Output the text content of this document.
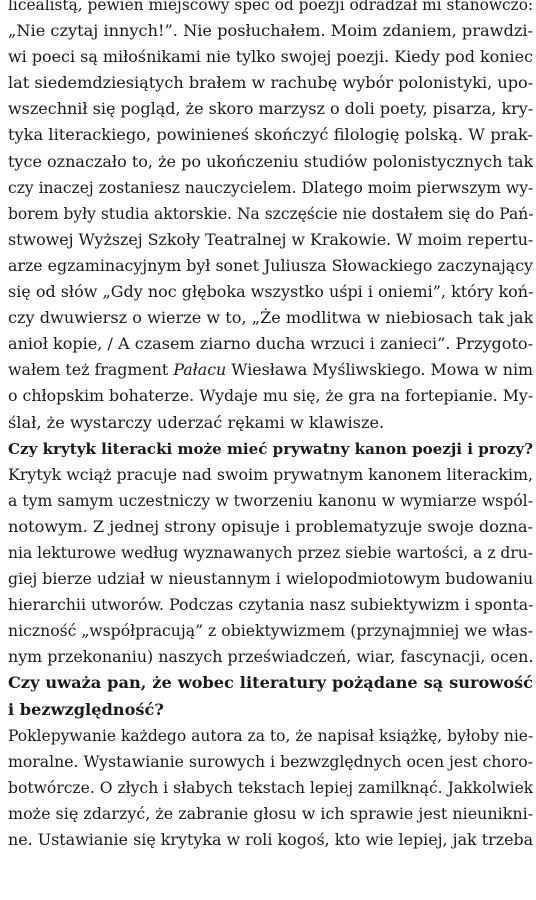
licealistą, pewien miejscowy spec od poezji odradzał mi stanowczo:
„Nie czytaj innych!”. Nie posłuchałem. Moim zdaniem, prawdzi-
wi poeci są miłośnikami nie tylko swojej poezji. Kiedy pod koniec
lat siedemdziesiątych brałem w rachubę wybór polonistyki, upo-
wszechnił się pogląd, że skoro marzysz o doli poety, pisarza, kry-
tyka literackiego, powinieneś skończyć filologię polską. W prak-
tyce oznaczało to, że po ukończeniu studiów polonistycznych tak
czy inaczej zostaniesz nauczycielem. Dlatego moim pierwszym wy-
borem były studia aktorskie. Na szczęście nie dostałem się do Pań-
stwowej Wyższej Szkoły Teatralnej w Krakowie. W moim repertu-
arze egzaminacyjnym był sonet Juliusza Słowackiego zaczynający
się od słów „Gdy noc głęboka wszystko uśpi i oniemi”, który koń-
czy dwuwiersz o wierze w to, „Że modlitwa w niebiosach tak jak
anioł kopie, / A czasem ziarno ducha wrzuci i zanieci”. Przygoto-
wałem też fragment Pałacu Wiesława Myśliwskiego. Mowa w nim
o chłopskim bohaterze. Wydaje mu się, że gra na fortepianie. My-
ślał, że wystarczy uderzać rękami w klawisze.
Czy krytyk literacki może mieć prywatny kanon poezji i prozy?
Krytyk wciąż pracuje nad swoim prywatnym kanonem literackim,
a tym samym uczestniczy w tworzeniu kanonu w wymiarze wspól-
notowym. Z jednej strony opisuje i problematyzuje swoje dozna-
nia lekturowe według wyznawanych przez siebie wartości, a z dru-
giej bierze udział w nieustannym i wielopodmiotowym budowaniu
hierarchii utworów. Podczas czytania nasz subiektywizm i sponta-
niczność „współpracują” z obiektywizmem (przynajmniej we włas-
nym przekonaniu) naszych przeświadczeń, wiar, fascynacji, ocen.
Czy uważa pan, że wobec literatury pożądane są surowość
i bezwzględność?
Poklepywanie każdego autora za to, że napisał książkę, byłoby nie-
moralne. Wystawianie surowych i bezwzględnych ocen jest choro-
botwórcze. O złych i słabych tekstach lepiej zamilknąć. Jakkolwiek
może się zdarzyć, że zabranie głosu w ich sprawie jest nieunikni-
ne. Ustawianie się krytyka w roli kogoś, kto wie lepiej, jak trzeba
